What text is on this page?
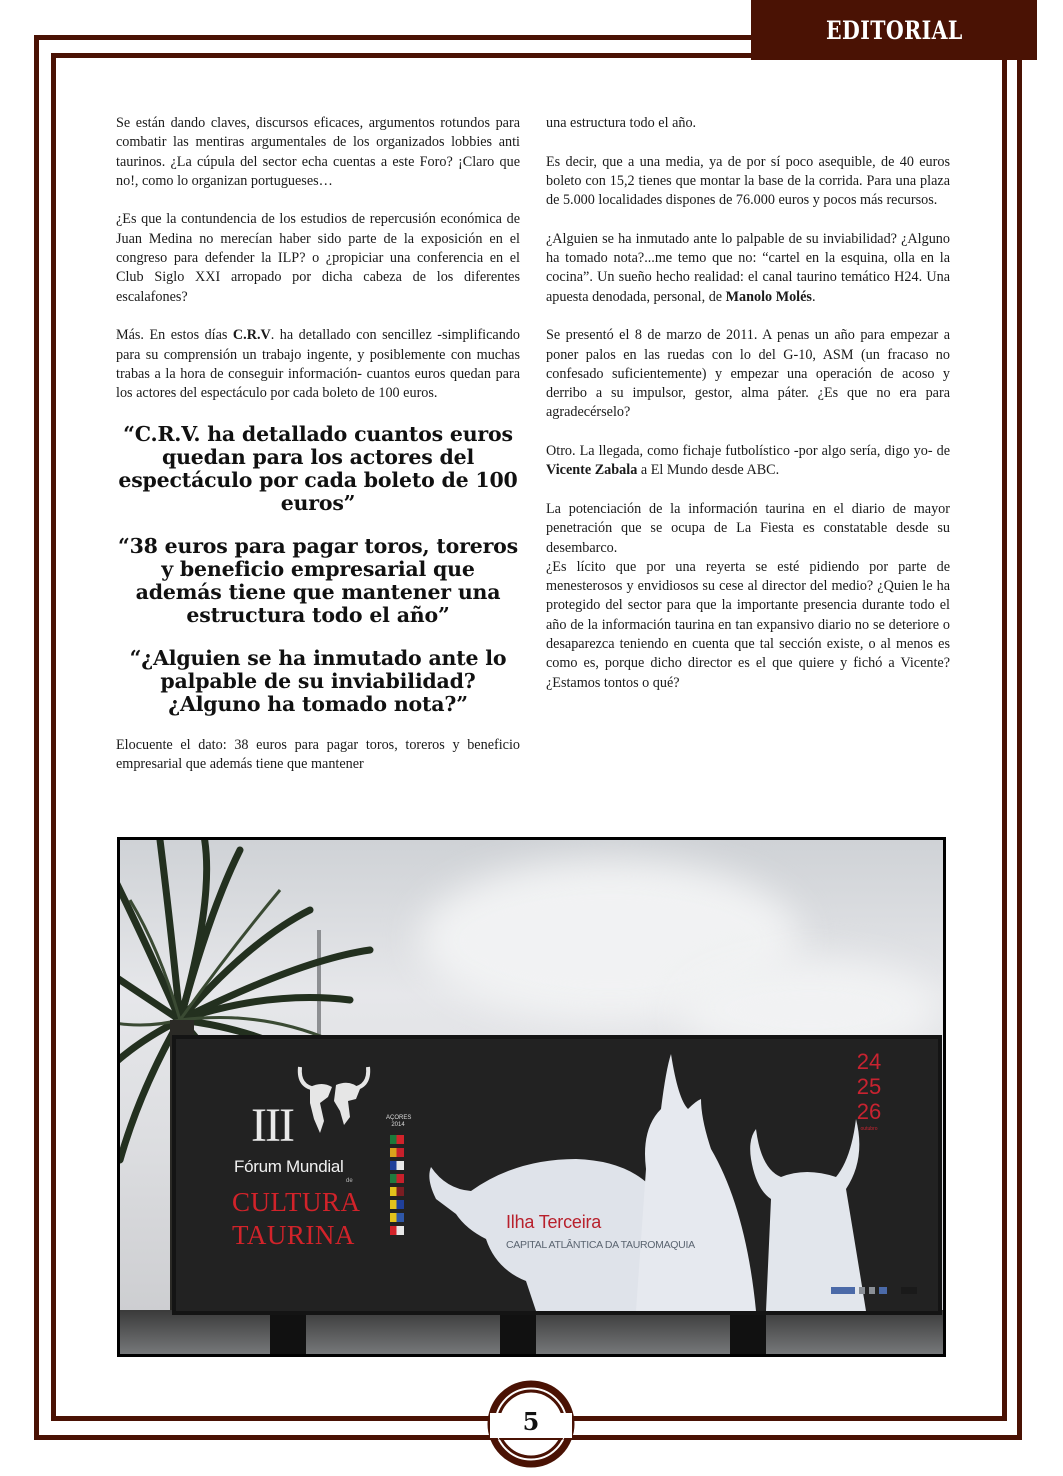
EDITORIAL

Se están dando claves, discursos eficaces, argumentos rotundos para combatir las mentiras argumentales de los organizados lobbies anti taurinos. ¿La cúpula del sector echa cuentas a este Foro? ¡Claro que no!, como lo organizan portugueses…

¿Es que la contundencia de los estudios de repercusión económica de Juan Medina no merecían haber sido parte de la exposición en el congreso para defender la ILP? o ¿propiciar una conferencia en el Club Siglo XXI arropado por dicha cabeza de los diferentes escalafones?

Más. En estos días C.R.V. ha detallado con sencillez -simplificando para su comprensión un trabajo ingente, y posiblemente con muchas trabas a la hora de conseguir información- cuantos euros quedan para los actores del espectáculo por cada boleto de 100 euros.

“C.R.V. ha detallado cuantos euros quedan para los actores del espectáculo por cada boleto de 100 euros”
“38 euros para pagar toros, toreros y beneficio empresarial que además tiene que mantener una estructura todo el año”
“¿Alguien se ha inmutado ante lo palpable de su inviabilidad? ¿Alguno ha tomado nota?”

Elocuente el dato: 38 euros para pagar toros, toreros y beneficio empresarial que además tiene que mantener

una estructura todo el año.

Es decir, que a una media, ya de por sí poco asequible, de 40 euros boleto con 15,2 tienes que montar la base de la corrida. Para una plaza de 5.000 localidades dispones de 76.000 euros y pocos más recursos.

¿Alguien se ha inmutado ante lo palpable de su inviabilidad? ¿Alguno ha tomado nota?...me temo que no: “cartel en la esquina, olla en la cocina”. Un sueño hecho realidad: el canal taurino temático H24. Una apuesta denodada, personal, de Manolo Molés.

Se presentó el 8 de marzo de 2011. A penas un año para empezar a poner palos en las ruedas con lo del G-10, ASM (un fracaso no confesado suficientemente) y empezar una operación de acoso y derribo a su impulsor, gestor, alma páter. ¿Es que no era para agradecérselo?

Otro. La llegada, como fichaje futbolístico -por algo sería, digo yo- de Vicente Zabala a El Mundo desde ABC.

La potenciación de la información taurina en el diario de mayor penetración que se ocupa de La Fiesta es constatable desde su desembarco.

¿Es lícito que por una reyerta se esté pidiendo por parte de menesterosos y envidiosos su cese al director del medio? ¿Quien le ha protegido del sector para que la importante presencia durante todo el año de la información taurina en tan expansivo diario no se deteriore o desaparezca teniendo en cuenta que tal sección existe, o al menos es como es, porque dicho director es el que quiere y fichó a Vicente? ¿Estamos tontos o qué?

III
Fórum Mundial
de
CULTURA
TAURINA
AÇORES 2014
Ilha Terceira
CAPITAL ATLÂNTICA DA TAUROMAQUIA
24
25
26
outubro
5
